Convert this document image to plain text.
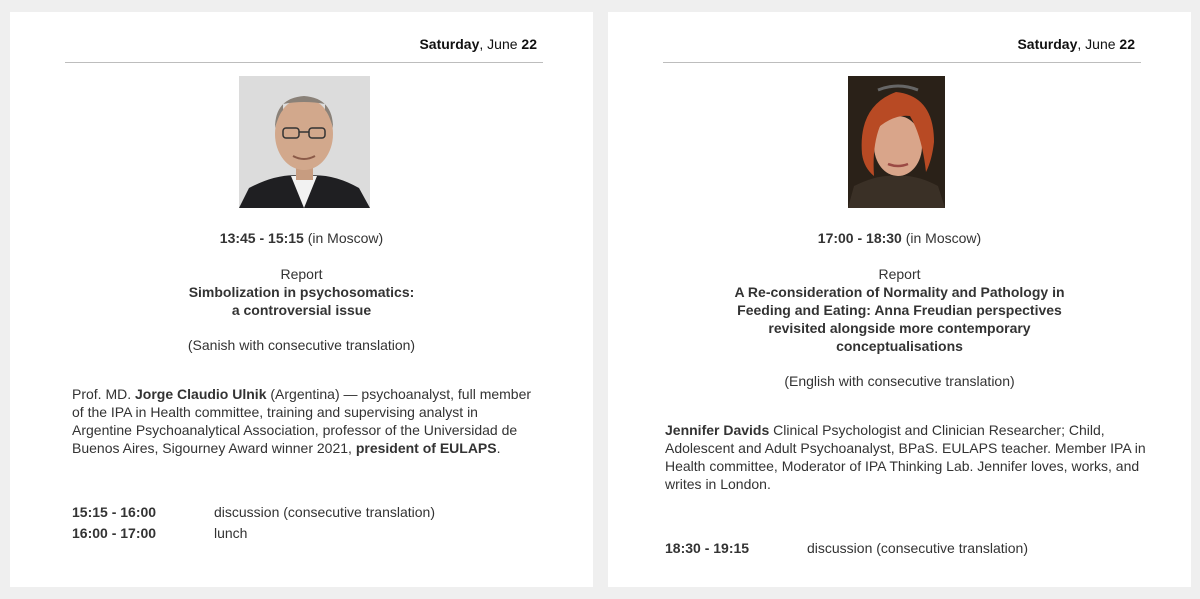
Saturday, June 22
13:45 - 15:15 (in Moscow)
Report
Simbolization in psychosomatics:
a controversial issue
(Sanish with consecutive translation)
Prof. MD. Jorge Claudio Ulnik (Argentina) — psychoanalyst, full member of the IPA in Health committee, training and supervising analyst in Argentine Psychoanalytical Association, professor of the Universidad de Buenos Aires, Sigourney Award winner 2021, president of EULAPS.
15:15 - 16:00	discussion (consecutive translation)
16:00 - 17:00	lunch
Saturday, June 22
17:00 - 18:30 (in Moscow)
Report
A Re-consideration of Normality and Pathology in
Feeding and Eating: Anna Freudian perspectives
revisited alongside more contemporary
conceptualisations
(English with consecutive translation)
Jennifer Davids Clinical Psychologist and Clinician Researcher; Child, Adolescent and Adult Psychoanalyst, BPaS. EULAPS teacher. Member IPA in Health committee, Moderator of IPA Thinking Lab. Jennifer loves, works, and writes in London.
18:30 - 19:15	discussion (consecutive translation)
